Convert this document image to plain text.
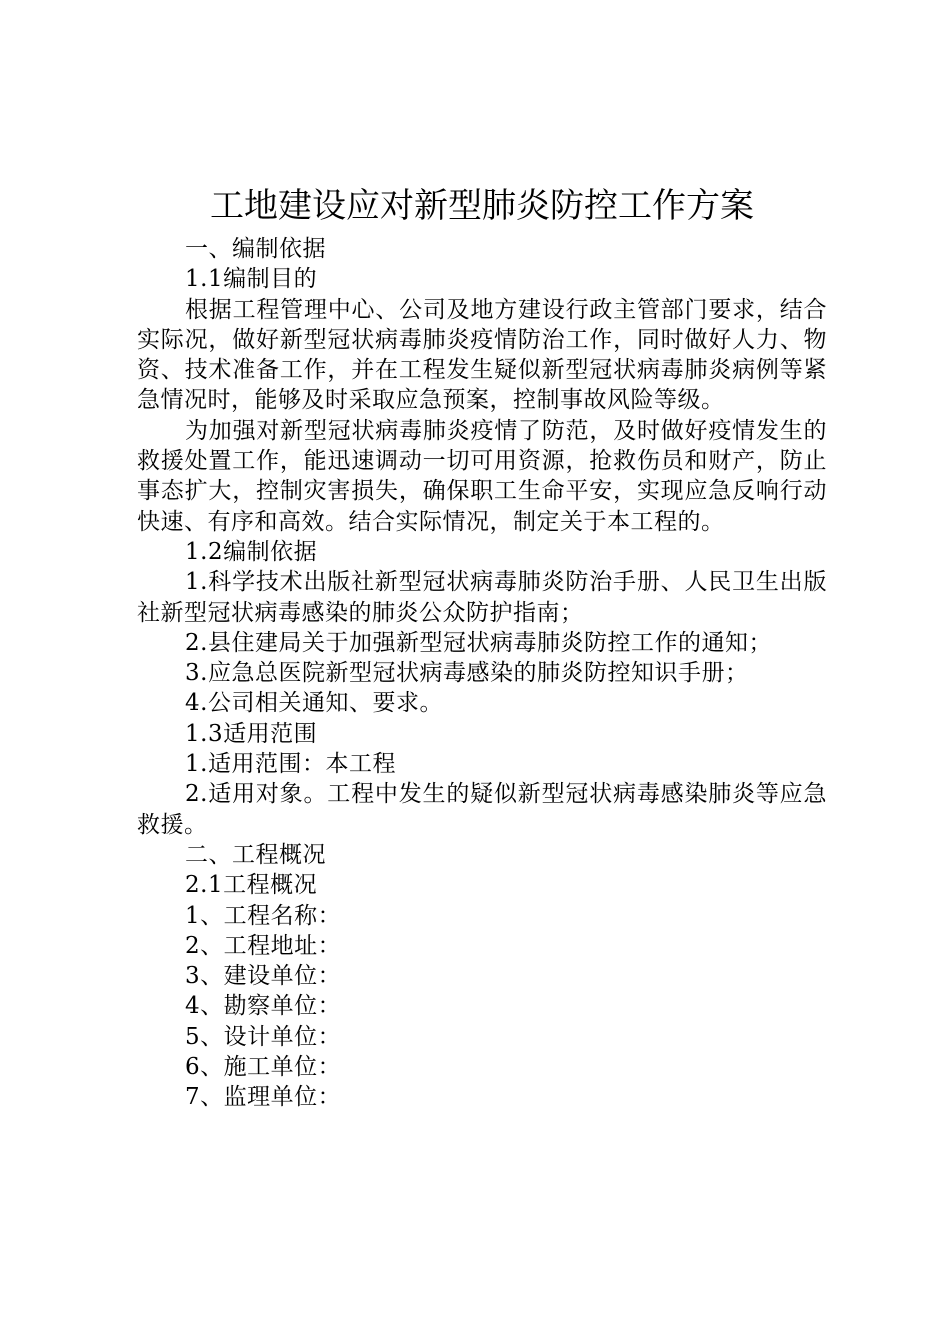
工地建设应对新型肺炎防控工作方案

一、编制依据

1.1编制目的

根据工程管理中心、公司及地方建设行政主管部门要求，结合实际况，做好新型冠状病毒肺炎疫情防治工作，同时做好人力、物资、技术准备工作，并在工程发生疑似新型冠状病毒肺炎病例等紧急情况时，能够及时采取应急预案，控制事故风险等级。

为加强对新型冠状病毒肺炎疫情了防范，及时做好疫情发生的救援处置工作，能迅速调动一切可用资源，抢救伤员和财产，防止事态扩大，控制灾害损失，确保职工生命平安，实现应急反响行动快速、有序和高效。结合实际情况，制定关于本工程的。

1.2编制依据

1.科学技术出版社新型冠状病毒肺炎防治手册、人民卫生出版社新型冠状病毒感染的肺炎公众防护指南；

2.县住建局关于加强新型冠状病毒肺炎防控工作的通知；

3.应急总医院新型冠状病毒感染的肺炎防控知识手册；

4.公司相关通知、要求。

1.3适用范围

1.适用范围：本工程

2.适用对象。工程中发生的疑似新型冠状病毒感染肺炎等应急救援。

二、工程概况

2.1工程概况

1、工程名称：

2、工程地址：

3、建设单位：

4、勘察单位：

5、设计单位：

6、施工单位：

7、监理单位：
